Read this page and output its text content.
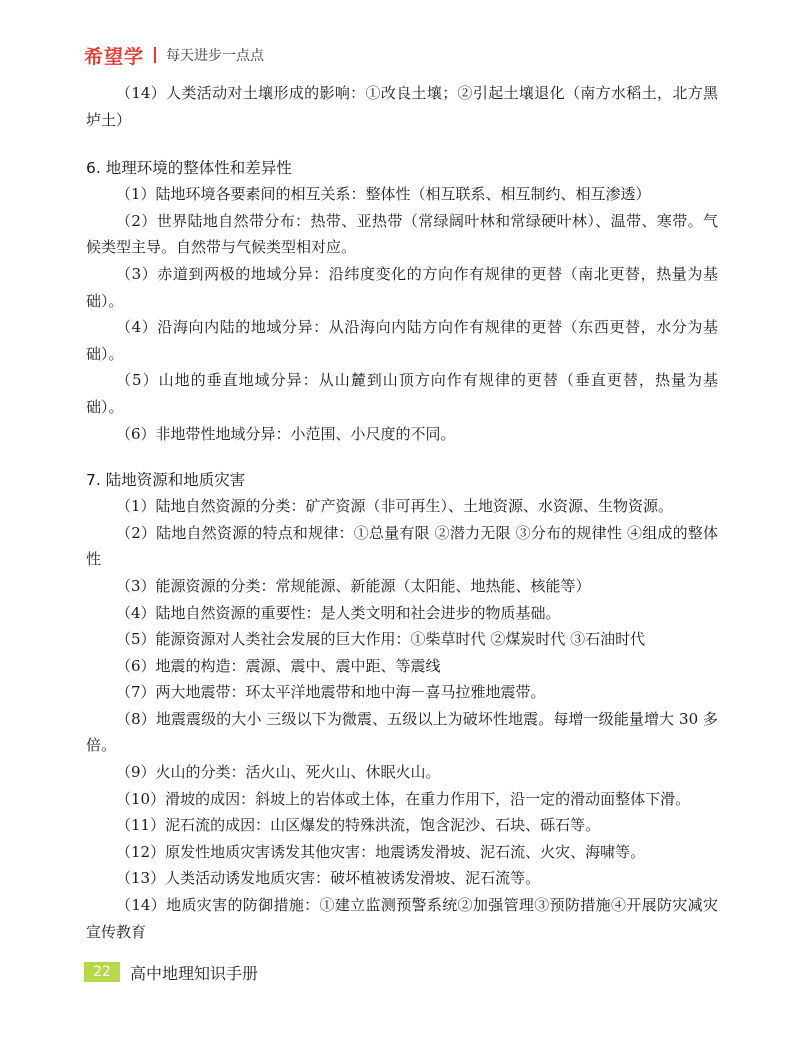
希望学 每天进步一点点

（14）人类活动对土壤形成的影响：①改良土壤；②引起土壤退化（南方水稻土，北方黑垆土）

6. 地理环境的整体性和差异性

（1）陆地环境各要素间的相互关系：整体性（相互联系、相互制约、相互渗透）

（2）世界陆地自然带分布：热带、亚热带（常绿阔叶林和常绿硬叶林）、温带、寒带。气候类型主导。自然带与气候类型相对应。

（3）赤道到两极的地域分异：沿纬度变化的方向作有规律的更替（南北更替，热量为基础）。

（4）沿海向内陆的地域分异：从沿海向内陆方向作有规律的更替（东西更替，水分为基础）。

（5）山地的垂直地域分异：从山麓到山顶方向作有规律的更替（垂直更替，热量为基础）。

（6）非地带性地域分异：小范围、小尺度的不同。

7. 陆地资源和地质灾害

（1）陆地自然资源的分类：矿产资源（非可再生）、土地资源、水资源、生物资源。

（2）陆地自然资源的特点和规律：①总量有限 ②潜力无限 ③分布的规律性 ④组成的整体性

（3）能源资源的分类：常规能源、新能源（太阳能、地热能、核能等）

（4）陆地自然资源的重要性：是人类文明和社会进步的物质基础。

（5）能源资源对人类社会发展的巨大作用：①柴草时代 ②煤炭时代 ③石油时代

（6）地震的构造：震源、震中、震中距、等震线

（7）两大地震带：环太平洋地震带和地中海－喜马拉雅地震带。

（8）地震震级的大小 三级以下为微震、五级以上为破坏性地震。每增一级能量增大 30 多倍。

（9）火山的分类：活火山、死火山、休眠火山。

（10）滑坡的成因：斜坡上的岩体或土体，在重力作用下，沿一定的滑动面整体下滑。

（11）泥石流的成因：山区爆发的特殊洪流，饱含泥沙、石块、砾石等。

（12）原发性地质灾害诱发其他灾害：地震诱发滑坡、泥石流、火灾、海啸等。

（13）人类活动诱发地质灾害：破坏植被诱发滑坡、泥石流等。

（14）地质灾害的防御措施：①建立监测预警系统②加强管理③预防措施④开展防灾减灾宣传教育

22	高中地理知识手册
